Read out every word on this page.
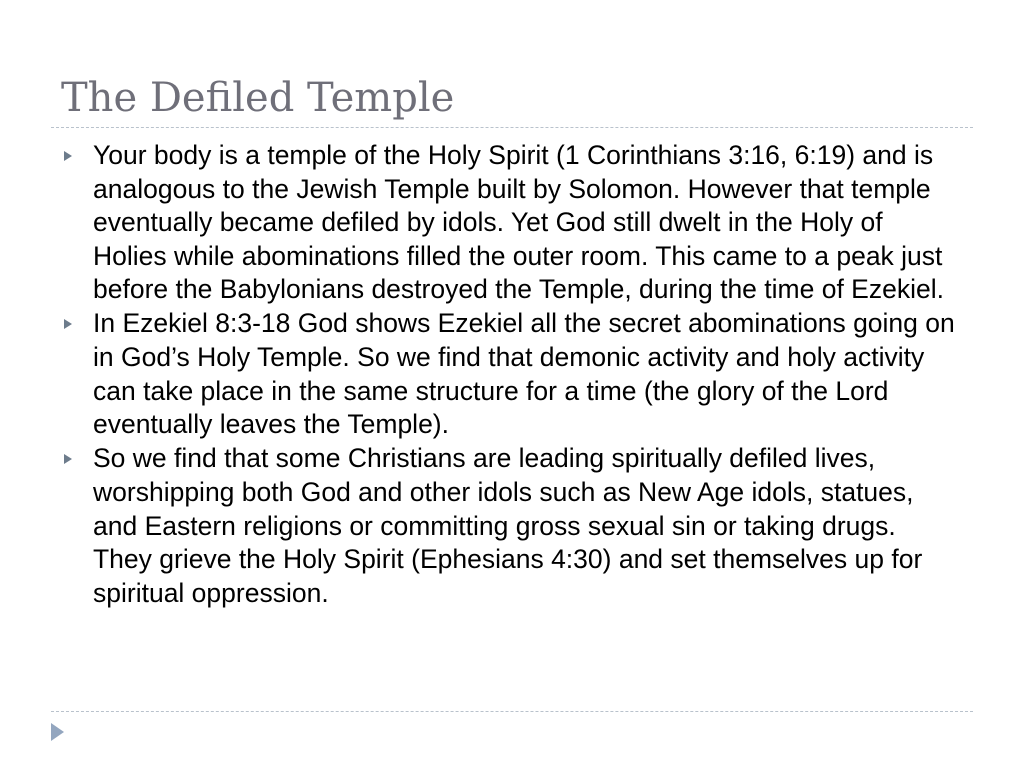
The Defiled Temple
Your body is a temple of the Holy Spirit (1 Corinthians 3:16, 6:19) and is analogous to the Jewish Temple built by Solomon. However that temple eventually became defiled by idols. Yet God still dwelt in the Holy of Holies while abominations filled the outer room. This came to a peak just before the Babylonians destroyed the Temple, during the time of Ezekiel.
In Ezekiel 8:3-18 God shows Ezekiel all the secret abominations going on in God’s Holy Temple. So we find that demonic activity and holy activity can take place in the same structure for a time (the glory of the Lord eventually leaves the Temple).
So we find that some Christians are leading spiritually defiled lives, worshipping both God and other idols such as New Age idols, statues, and Eastern religions or committing gross sexual sin or taking drugs. They grieve the Holy Spirit (Ephesians 4:30) and set themselves up for spiritual oppression.
